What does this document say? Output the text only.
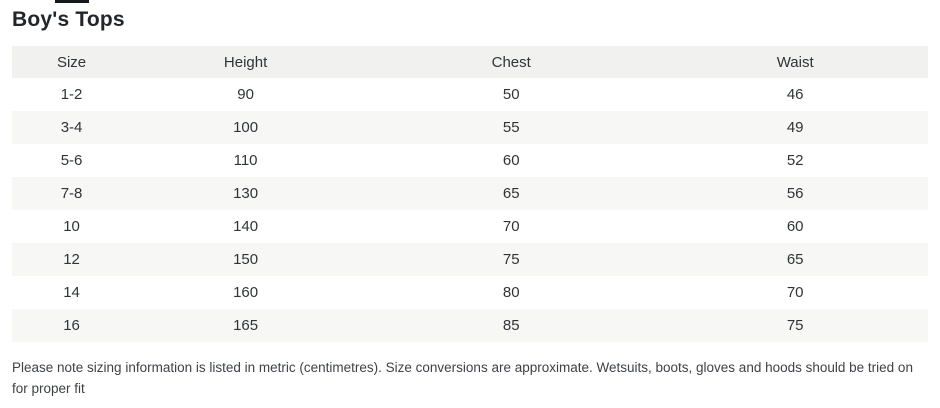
Boy's Tops
Size	Height	Chest	Waist
1-2	90	50	46
3-4	100	55	49
5-6	110	60	52
7-8	130	65	56
10	140	70	60
12	150	75	65
14	160	80	70
16	165	85	75

Please note sizing information is listed in metric (centimetres). Size conversions are approximate. Wetsuits, boots, gloves and hoods should be tried on for proper fit
